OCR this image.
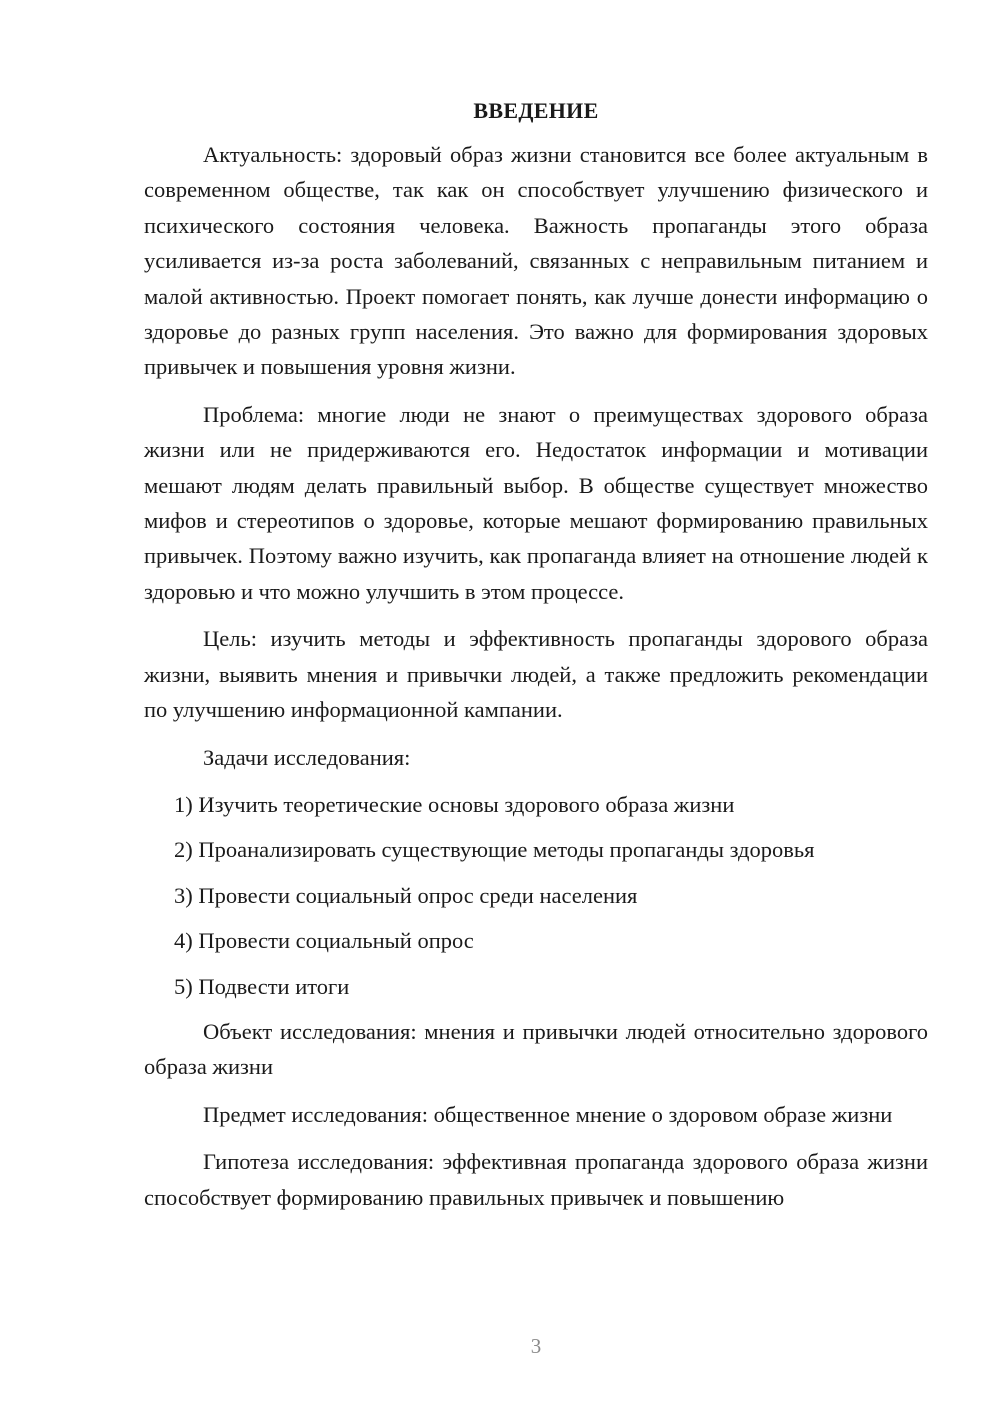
ВВЕДЕНИЕ

Актуальность: здоровый образ жизни становится все более актуальным в современном обществе, так как он способствует улучшению физического и психического состояния человека. Важность пропаганды этого образа усиливается из-за роста заболеваний, связанных с неправильным питанием и малой активностью. Проект помогает понять, как лучше донести информацию о здоровье до разных групп населения. Это важно для формирования здоровых привычек и повышения уровня жизни.

Проблема: многие люди не знают о преимуществах здорового образа жизни или не придерживаются его. Недостаток информации и мотивации мешают людям делать правильный выбор. В обществе существует множество мифов и стереотипов о здоровье, которые мешают формированию правильных привычек. Поэтому важно изучить, как пропаганда влияет на отношение людей к здоровью и что можно улучшить в этом процессе.

Цель: изучить методы и эффективность пропаганды здорового образа жизни, выявить мнения и привычки людей, а также предложить рекомендации по улучшению информационной кампании.

Задачи исследования:

1) Изучить теоретические основы здорового образа жизни
2) Проанализировать существующие методы пропаганды здоровья
3) Провести социальный опрос среди населения
4) Провести социальный опрос
5) Подвести итоги

Объект исследования: мнения и привычки людей относительно здорового образа жизни

Предмет исследования: общественное мнение о здоровом образе жизни

Гипотеза исследования: эффективная пропаганда здорового образа жизни способствует формированию правильных привычек и повышению

3
